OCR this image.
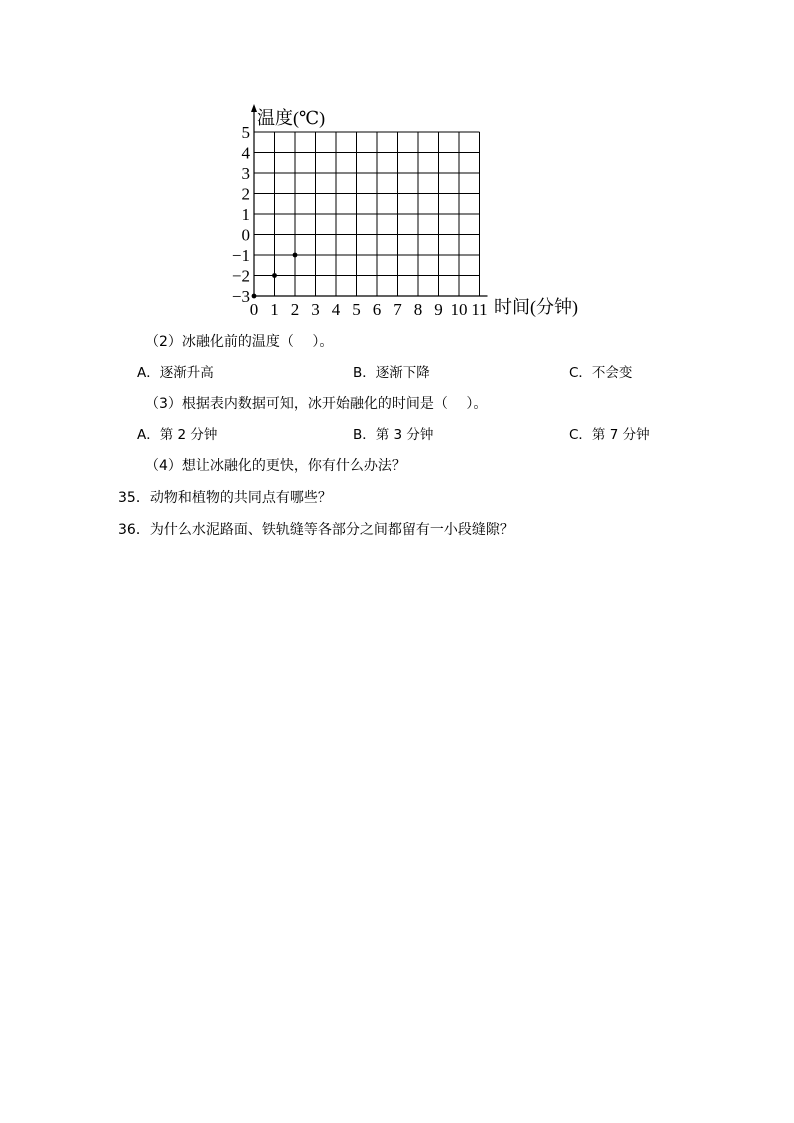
5
4
3
2
1
0
−1
−2
−3
0 1 2 3 4 5 6 7 8 9 10 11
温度(℃)
时间(分钟)
（2）冰融化前的温度（　 ）。
A．逐渐升高	B．逐渐下降	C．不会变
（3）根据表内数据可知，冰开始融化的时间是（　 ）。
A．第 2 分钟	B．第 3 分钟	C．第 7 分钟
（4）想让冰融化的更快，你有什么办法？
35．动物和植物的共同点有哪些？
36．为什么水泥路面、铁轨缝等各部分之间都留有一小段缝隙？
